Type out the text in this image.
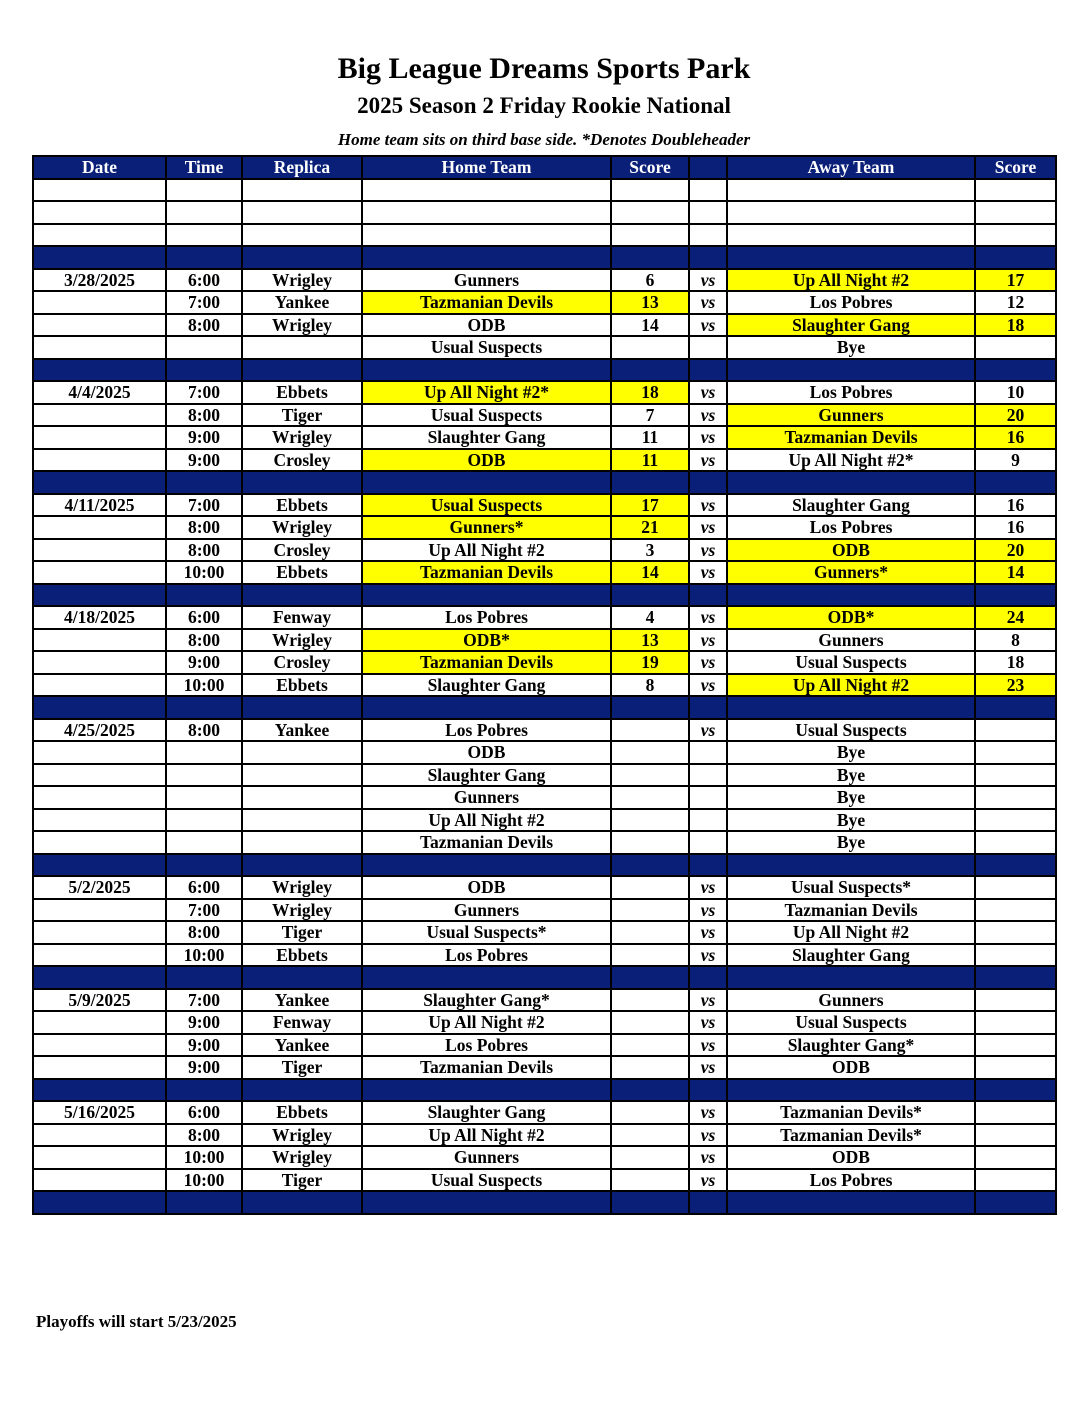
Big League Dreams Sports Park
2025 Season 2 Friday Rookie National
Home team sits on third base side. *Denotes Doubleheader
Date	Time	Replica	Home Team	Score		Away Team	Score

3/28/2025	6:00	Wrigley	Gunners	6	vs	Up All Night #2	17
	7:00	Yankee	Tazmanian Devils	13	vs	Los Pobres	12
	8:00	Wrigley	ODB	14	vs	Slaughter Gang	18
			Usual Suspects			Bye	

4/4/2025	7:00	Ebbets	Up All Night #2*	18	vs	Los Pobres	10
	8:00	Tiger	Usual Suspects	7	vs	Gunners	20
	9:00	Wrigley	Slaughter Gang	11	vs	Tazmanian Devils	16
	9:00	Crosley	ODB	11	vs	Up All Night #2*	9

4/11/2025	7:00	Ebbets	Usual Suspects	17	vs	Slaughter Gang	16
	8:00	Wrigley	Gunners*	21	vs	Los Pobres	16
	8:00	Crosley	Up All Night #2	3	vs	ODB	20
	10:00	Ebbets	Tazmanian Devils	14	vs	Gunners*	14

4/18/2025	6:00	Fenway	Los Pobres	4	vs	ODB*	24
	8:00	Wrigley	ODB*	13	vs	Gunners	8
	9:00	Crosley	Tazmanian Devils	19	vs	Usual Suspects	18
	10:00	Ebbets	Slaughter Gang	8	vs	Up All Night #2	23

4/25/2025	8:00	Yankee	Los Pobres		vs	Usual Suspects	
			ODB			Bye	
			Slaughter Gang			Bye	
			Gunners			Bye	
			Up All Night #2			Bye	
			Tazmanian Devils			Bye	

5/2/2025	6:00	Wrigley	ODB		vs	Usual Suspects*	
	7:00	Wrigley	Gunners		vs	Tazmanian Devils	
	8:00	Tiger	Usual Suspects*		vs	Up All Night #2	
	10:00	Ebbets	Los Pobres		vs	Slaughter Gang	

5/9/2025	7:00	Yankee	Slaughter Gang*		vs	Gunners	
	9:00	Fenway	Up All Night #2		vs	Usual Suspects	
	9:00	Yankee	Los Pobres		vs	Slaughter Gang*	
	9:00	Tiger	Tazmanian Devils		vs	ODB	

5/16/2025	6:00	Ebbets	Slaughter Gang		vs	Tazmanian Devils*	
	8:00	Wrigley	Up All Night #2		vs	Tazmanian Devils*	
	10:00	Wrigley	Gunners		vs	ODB	
	10:00	Tiger	Usual Suspects		vs	Los Pobres	

Playoffs will start 5/23/2025
